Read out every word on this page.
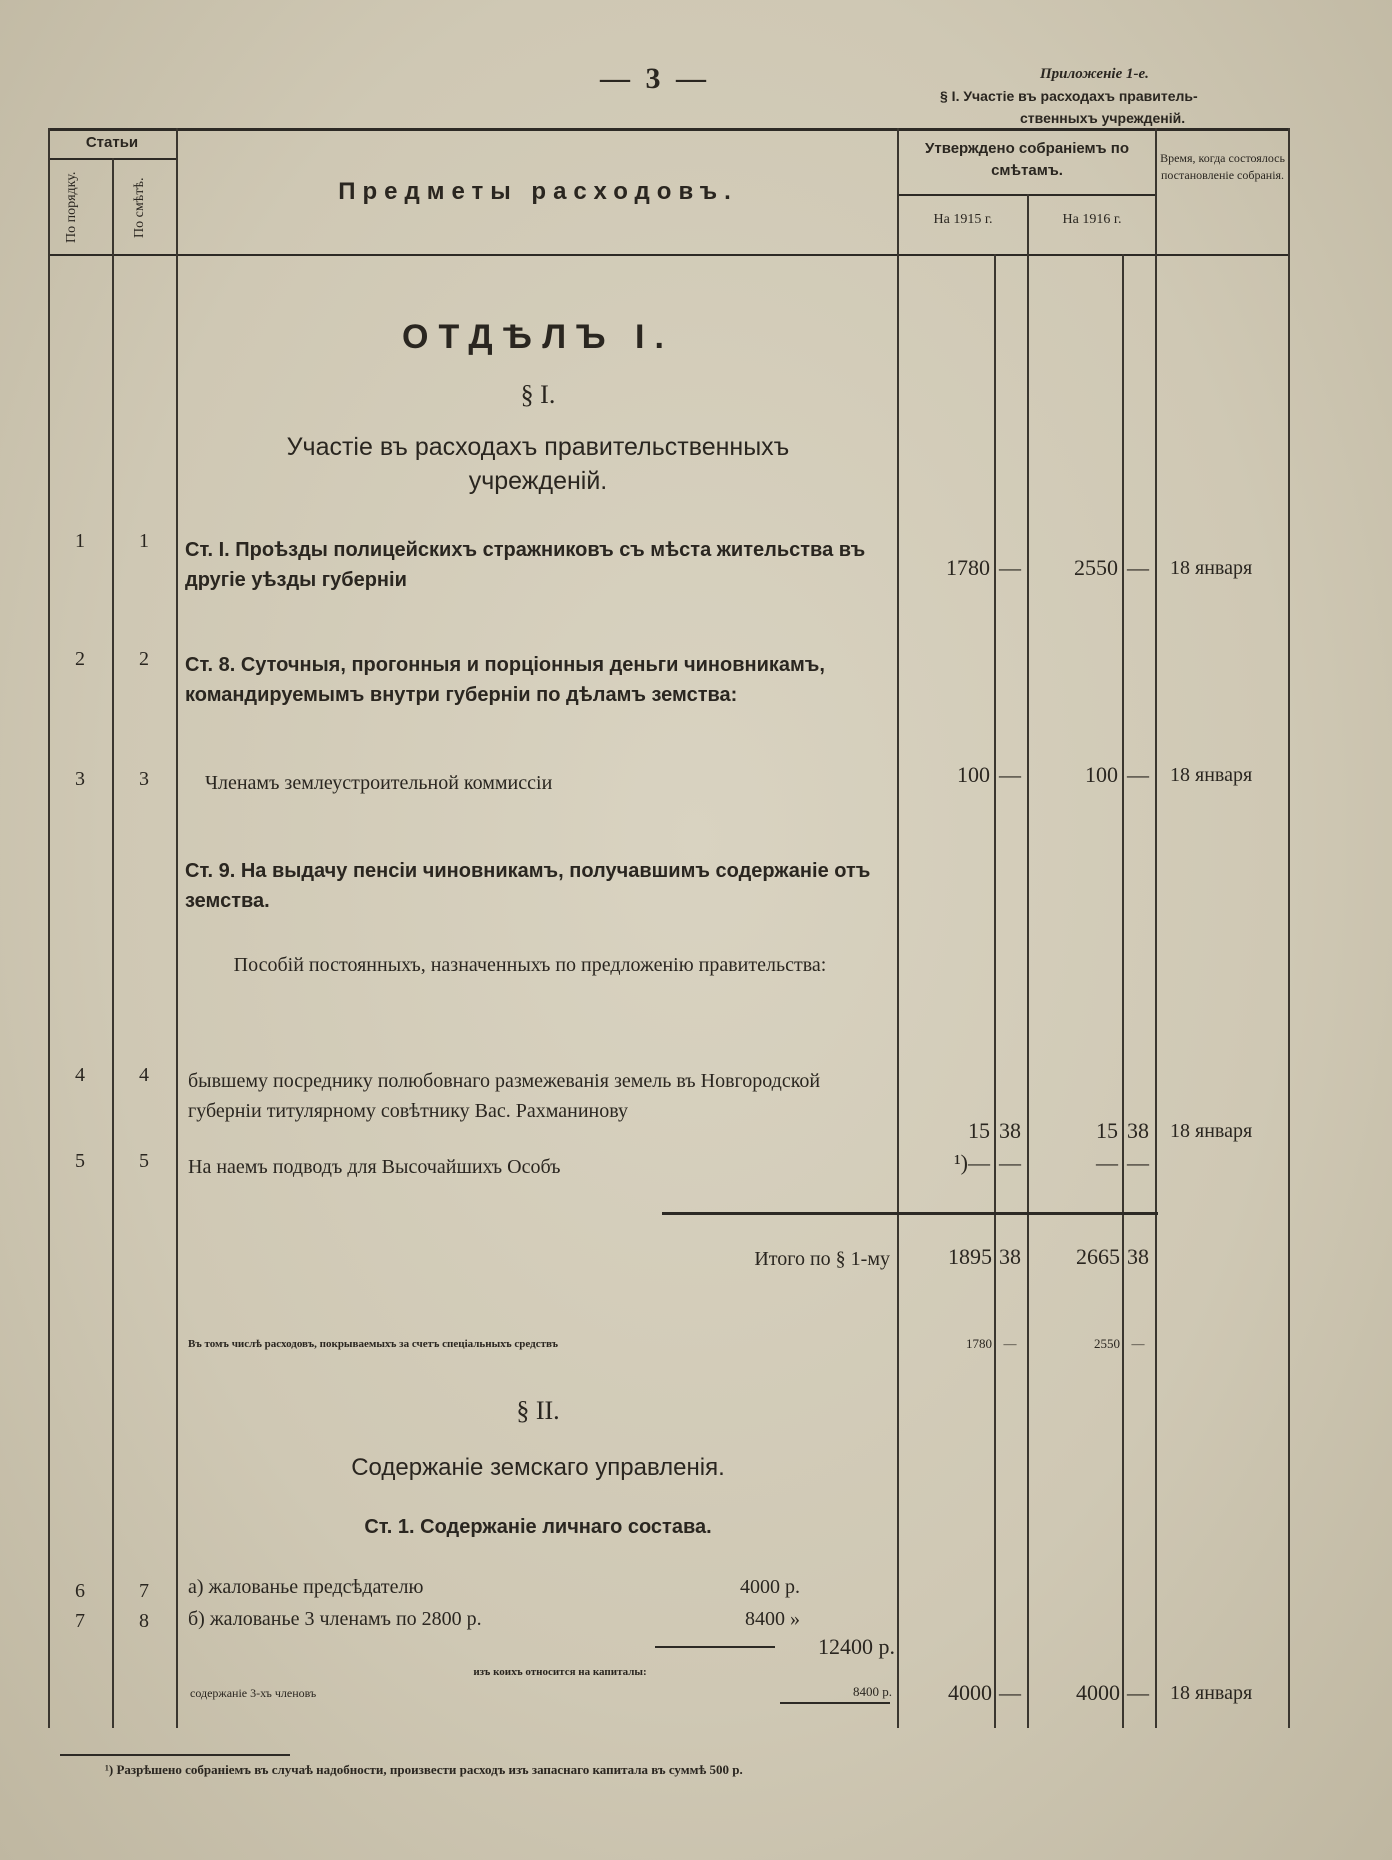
— 3 —	Приложеніе 1-е.
§ I. Участіе въ расходахъ правитель-
ственныхъ учрежденій.
Статьи
По порядку.	По смѣтѣ.	Предметы расходовъ.
Утверждено собраніемъ по смѣтамъ.
На 1915 г.	На 1916 г.
Время, когда состоялось постановленіе собранія.
ОТДѢЛЪ I.
§ I.
Участіе въ расходахъ правительственныхъ учрежденій.
1	1	Ст. I. Проѣзды полицейскихъ стражниковъ съ мѣста жительства въ другіе уѣзды губерніи	1780 —	2550 — 18 января
2	2	Ст. 8. Суточныя, прогонныя и порціонныя деньги чиновникамъ, командируемымъ внутри губерніи по дѣламъ земства:
3	3	Членамъ землеустроительной коммиссіи	100 —	100 — 18 января
Ст. 9. На выдачу пенсіи чиновникамъ, получавшимъ содержаніе отъ земства.
Пособій постоянныхъ, назначенныхъ по предложенію правительства:
4	4	бывшему посреднику полюбовнаго размежеванія земель въ Новгородской губерніи титулярному совѣтнику Вас. Рахманинову
15 38	15 38 18 января
5	5	На наемъ подводъ для Высочайшихъ Особъ	¹)— —	— —
Итого по § 1-му	1895 38	2665 38
Въ томъ числѣ расходовъ, покрываемыхъ за счетъ спеціальныхъ средствъ	1780 —	2550 —
§ II.
Содержаніе земскаго управленія.
Ст. 1. Содержаніе личнаго состава.
6	7	а) жалованье предсѣдателю	4000 р.
7	8	б) жалованье 3 членамъ по 2800 р.	8400 »
12400 р.
изъ коихъ относится на капиталы:
содержаніе 3-хъ членовъ	8400 р.	4000 —	4000 — 18 января
¹) Разрѣшено собраніемъ въ случаѣ надобности, произвести расходъ изъ запаснаго капитала въ суммѣ 500 р.
